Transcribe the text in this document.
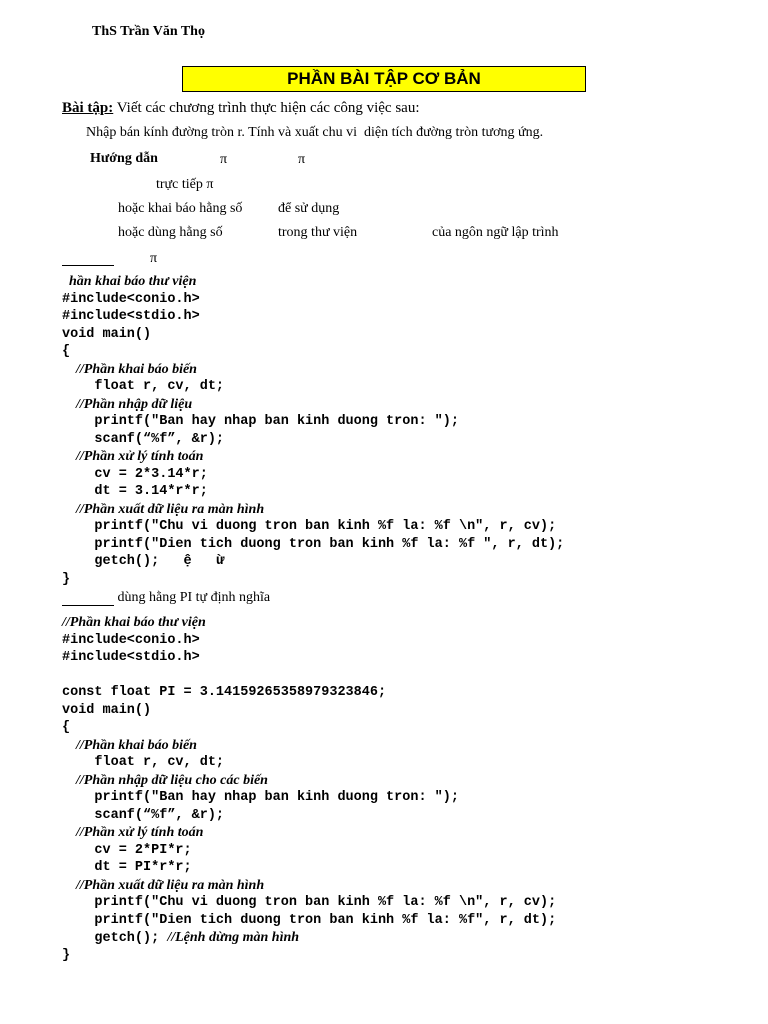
ThS Trần Văn Thọ
PHẦN BÀI TẬP CƠ BẢN
Bài tập: Viết các chương trình thực hiện các công việc sau:
Nhập bán kính đường tròn r. Tính và xuất chu vi  diện tích đường tròn tương ứng.
Hướng dẫn	π	π
trực tiếp π
hoặc khai báo hằng số	để sử dụng
hoặc dùng hằng số	trong thư viện	của ngôn ngữ lập trình
π
hần khai báo thư viện
#include<conio.h>
#include<stdio.h>
void main()
{
//Phần khai báo biến
float r, cv, dt;
//Phần nhập dữ liệu
printf("Ban hay nhap ban kinh duong tron: ");
scanf(“%f”, &r);
//Phần xử lý tính toán
cv = 2*3.14*r;
dt = 3.14*r*r;
//Phần xuất dữ liệu ra màn hình
printf("Chu vi duong tron ban kinh %f la: %f \n", r, cv);
printf("Dien tich duong tron ban kinh %f la: %f ", r, dt);
getch();   ệ   ừ
}
dùng hằng PI tự định nghĩa
//Phần khai báo thư viện
#include<conio.h>
#include<stdio.h>
const float PI = 3.14159265358979323846;
void main()
{
//Phần khai báo biến
float r, cv, dt;
//Phần nhập dữ liệu cho các biến
printf("Ban hay nhap ban kinh duong tron: ");
scanf(“%f”, &r);
//Phần xử lý tính toán
cv = 2*PI*r;
dt = PI*r*r;
//Phần xuất dữ liệu ra màn hình
printf("Chu vi duong tron ban kinh %f la: %f \n", r, cv);
printf("Dien tich duong tron ban kinh %f la: %f", r, dt);
getch(); //Lệnh dừng màn hình
}
